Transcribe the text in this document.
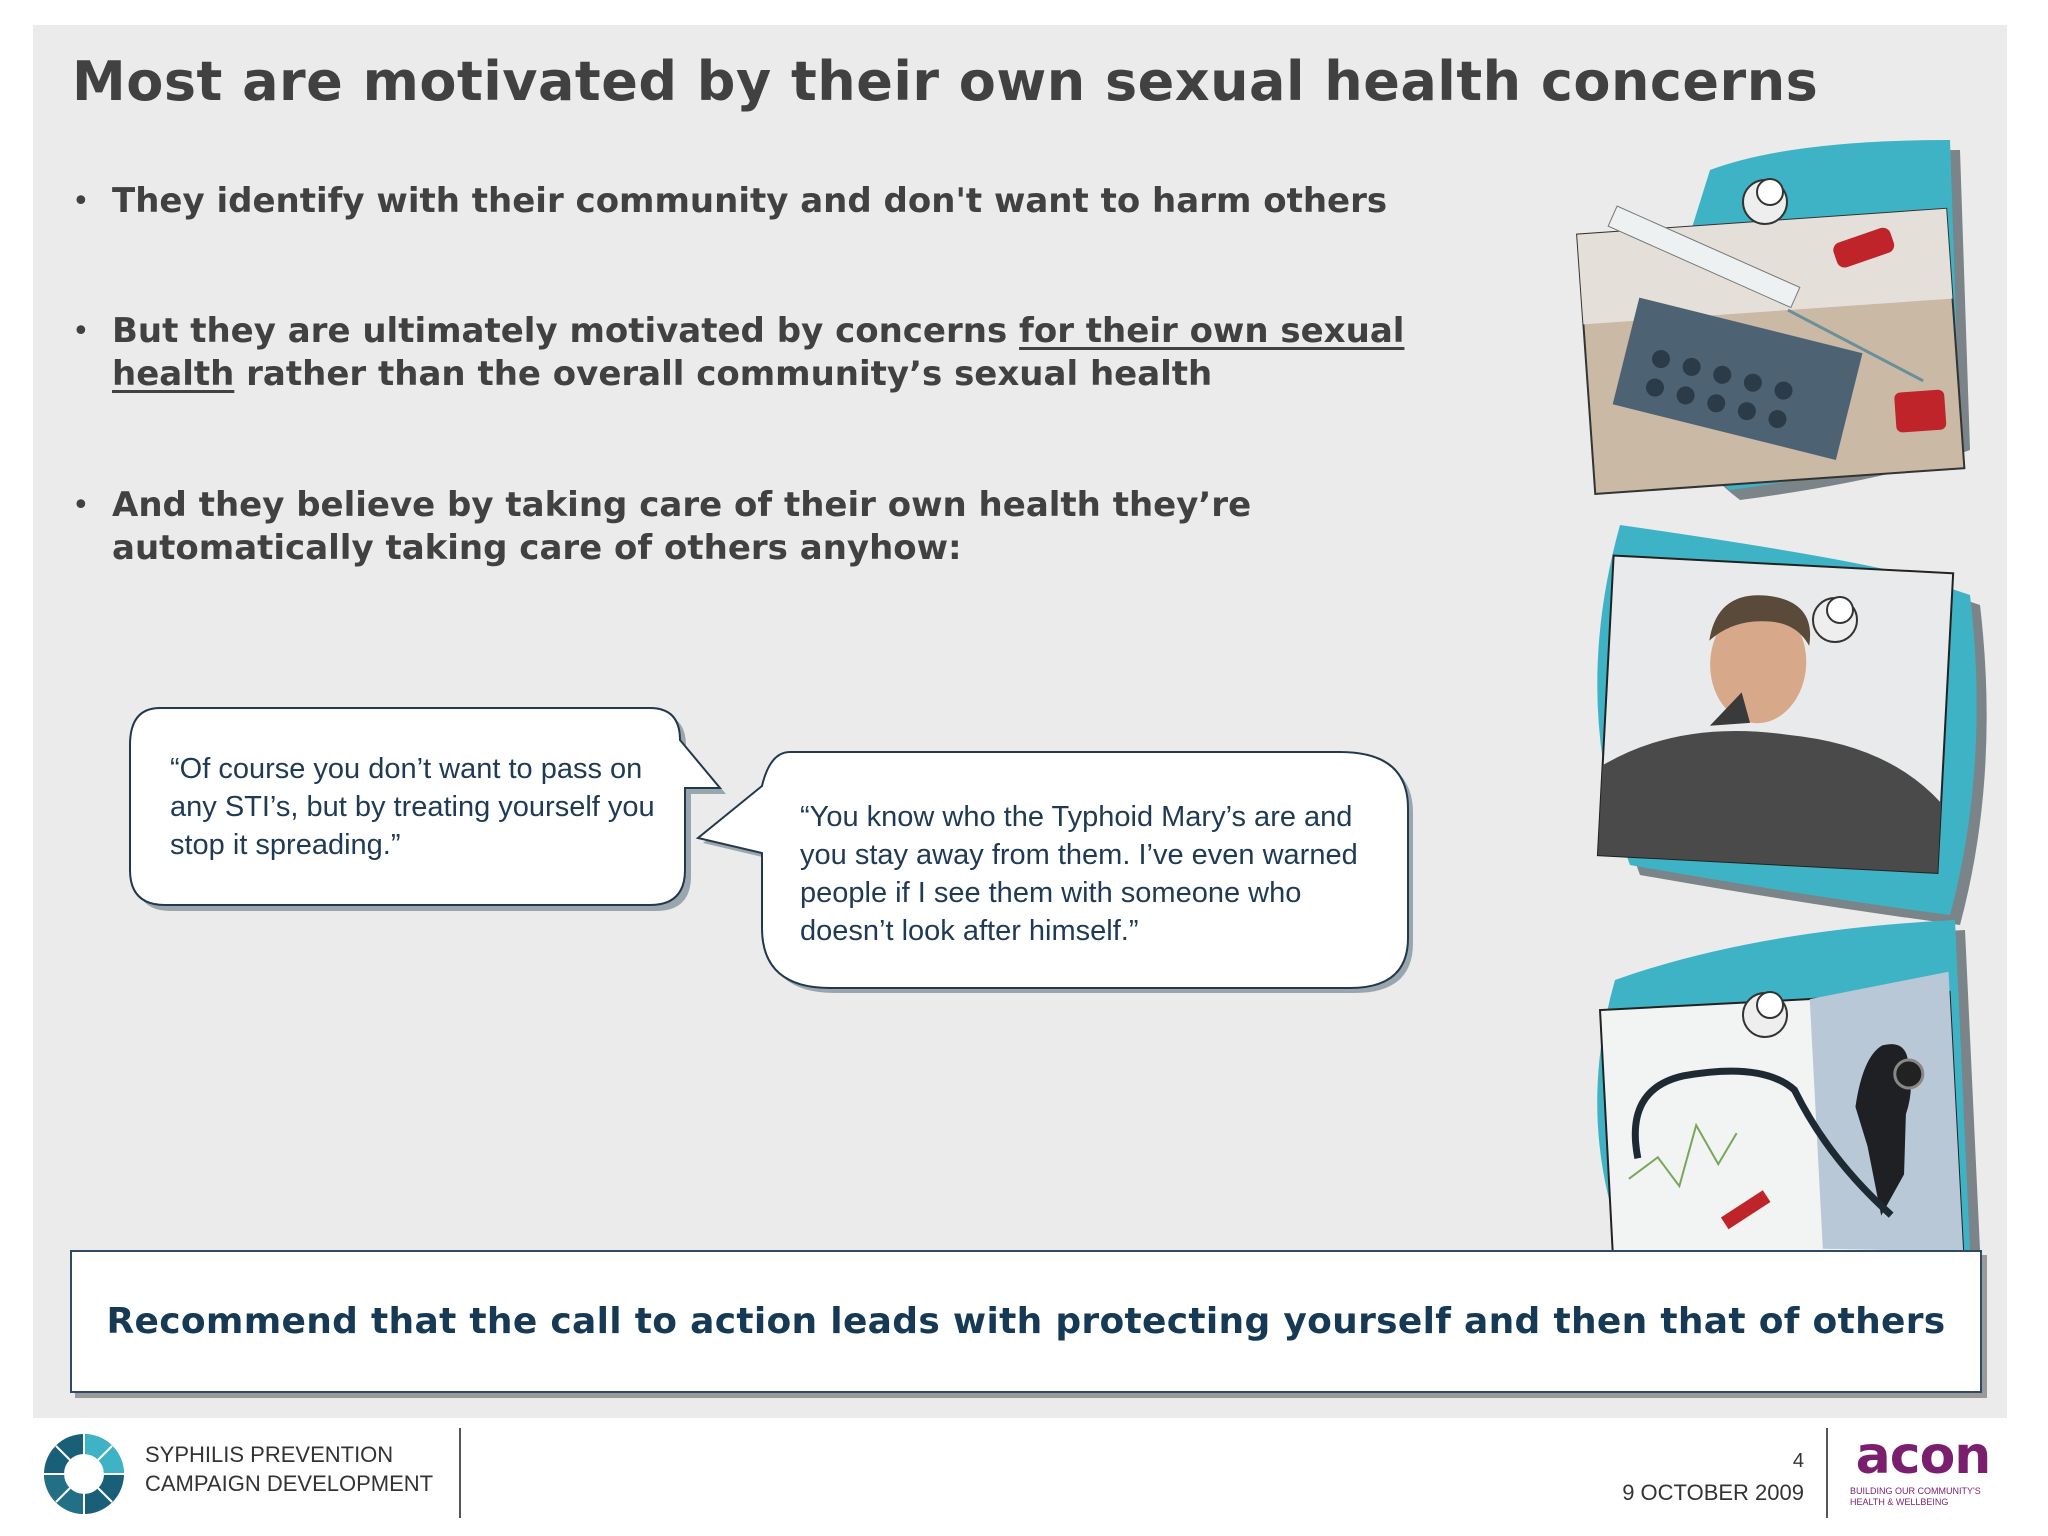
Most are motivated by their own sexual health concerns
• They identify with their community and don't want to harm others
• But they are ultimately motivated by concerns for their own sexual health rather than the overall community’s sexual health
• And they believe by taking care of their own health they’re automatically taking care of others anyhow:
“Of course you don’t want to pass on any STI’s, but by treating yourself you stop it spreading.”
“You know who the Typhoid Mary’s are and you stay away from them. I’ve even warned people if I see them with someone who doesn’t look after himself.”
Recommend that the call to action leads with protecting yourself and then that of others
SYPHILIS PREVENTION
CAMPAIGN DEVELOPMENT
4
9 OCTOBER 2009
acon
BUILDING OUR COMMUNITY'S HEALTH & WELLBEING
